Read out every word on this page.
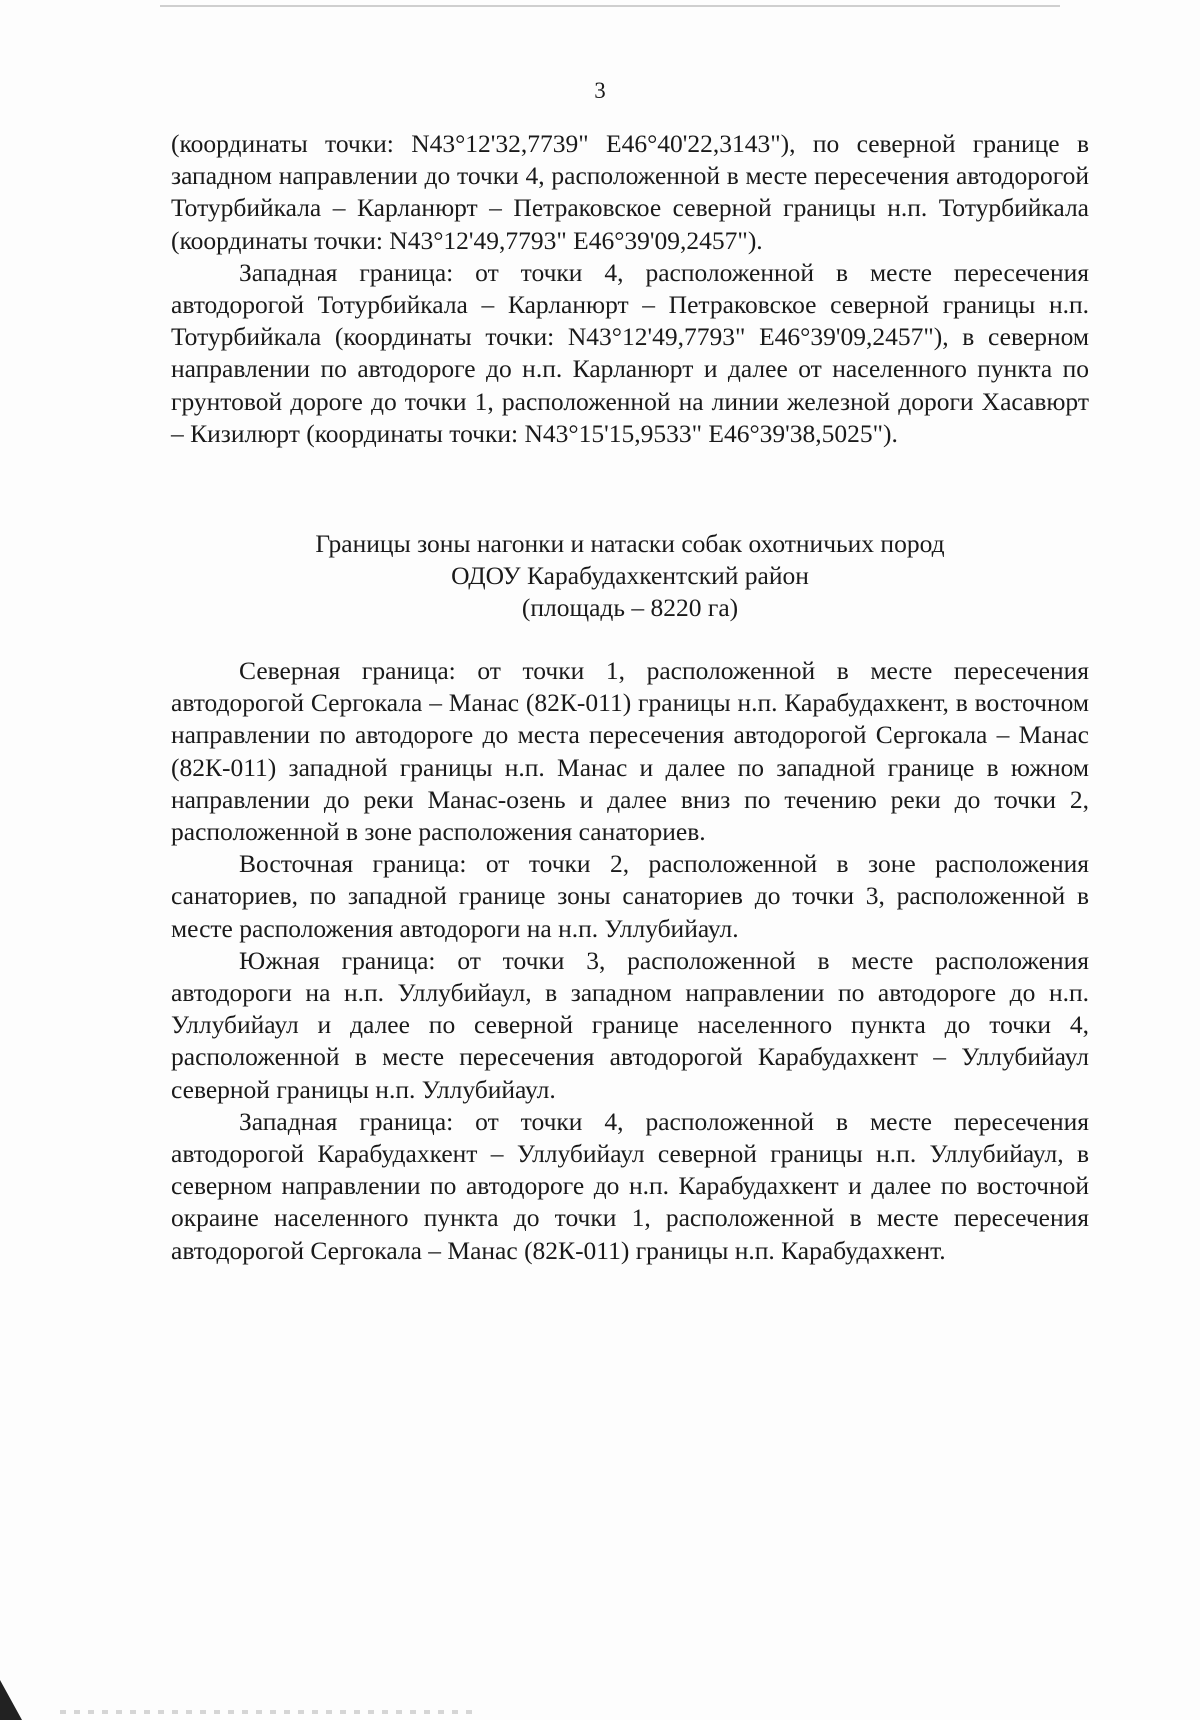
3

(координаты точки: N43°12'32,7739" E46°40'22,3143"), по северной границе в западном направлении до точки 4, расположенной в месте пересечения автодорогой Тотурбийкала – Карланюрт – Петраковское северной границы н.п. Тотурбийкала (координаты точки: N43°12'49,7793" E46°39'09,2457").

Западная граница: от точки 4, расположенной в месте пересечения автодорогой Тотурбийкала – Карланюрт – Петраковское северной границы н.п. Тотурбийкала (координаты точки: N43°12'49,7793" E46°39'09,2457"), в северном направлении по автодороге до н.п. Карланюрт и далее от населенного пункта по грунтовой дороге до точки 1, расположенной на линии железной дороги Хасавюрт – Кизилюрт (координаты точки: N43°15'15,9533" E46°39'38,5025").

Границы зоны нагонки и натаски собак охотничьих пород
ОДОУ Карабудахкентский район
(площадь – 8220 га)

Северная граница: от точки 1, расположенной в месте пересечения автодорогой Сергокала – Манас (82К-011) границы н.п. Карабудахкент, в восточном направлении по автодороге до места пересечения автодорогой Сергокала – Манас (82К-011) западной границы н.п. Манас и далее по западной границе в южном направлении до реки Манас-озень и далее вниз по течению реки до точки 2, расположенной в зоне расположения санаториев.

Восточная граница: от точки 2, расположенной в зоне расположения санаториев, по западной границе зоны санаториев до точки 3, расположенной в месте расположения автодороги на н.п. Уллубийаул.

Южная граница: от точки 3, расположенной в месте расположения автодороги на н.п. Уллубийаул, в западном направлении по автодороге до н.п. Уллубийаул и далее по северной границе населенного пункта до точки 4, расположенной в месте пересечения автодорогой Карабудахкент – Уллубийаул северной границы н.п. Уллубийаул.

Западная граница: от точки 4, расположенной в месте пересечения автодорогой Карабудахкент – Уллубийаул северной границы н.п. Уллубийаул, в северном направлении по автодороге до н.п. Карабудахкент и далее по восточной окраине населенного пункта до точки 1, расположенной в месте пересечения автодорогой Сергокала – Манас (82К-011) границы н.п. Карабудахкент.
